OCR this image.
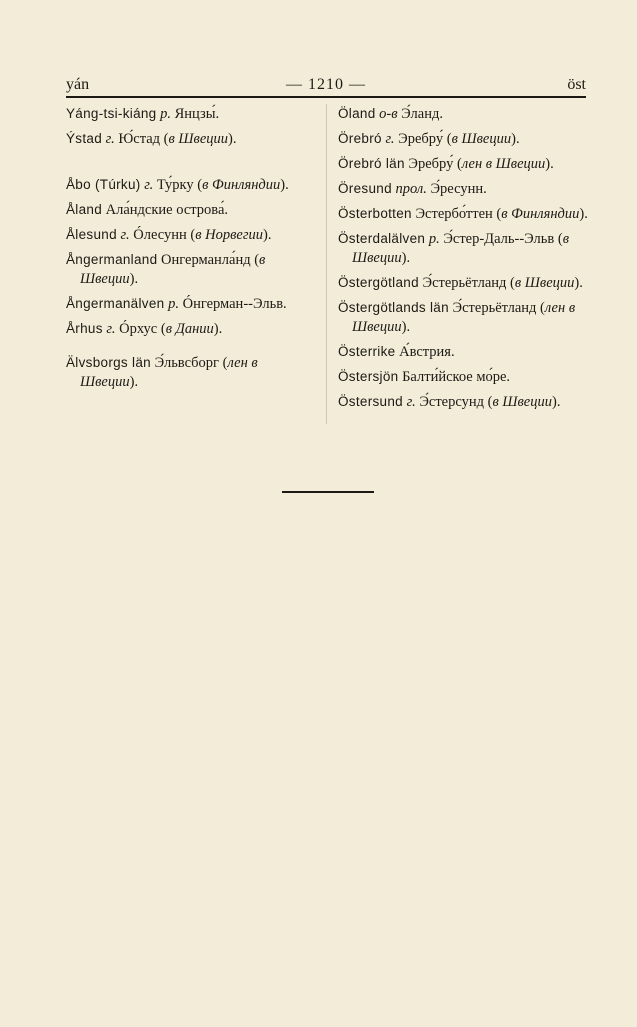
yán	— 1210 —	öst

Yáng-tsi-kiáng р. Янцзы́.

Ýstad г. Ю́стад (в Швеции).

Åbo (Túrku) г. Ту́рку (в Финляндии).

Åland Ала́ндские острова́.

Ålesund г. Óлесунн (в Норвегии).

Ångermanland Онгерманла́нд (в Швеции).

Ångermanälven р. Óнгерман--Эльв.

Århus г. Óрхус (в Дании).

Älvsborgs län Э́львсборг (лен в Швеции).

Öland о-в Э́ланд.

Örebró г. Эребру́ (в Швеции).

Örebró län Эребру́ (лен в Швеции).

Öresund прол. Э́ресунн.

Österbotten Эстербо́ттен (в Финляндии).

Österdalälven р. Э́стер-Даль--Эльв (в Швеции).

Östergötland Э́стерьётланд (в Швеции).

Östergötlands län Э́стерьётланд (лен в Швеции).

Österrike А́встрия.

Östersjön Балти́йское мо́ре.

Östersund г. Э́стерсунд (в Швеции).
